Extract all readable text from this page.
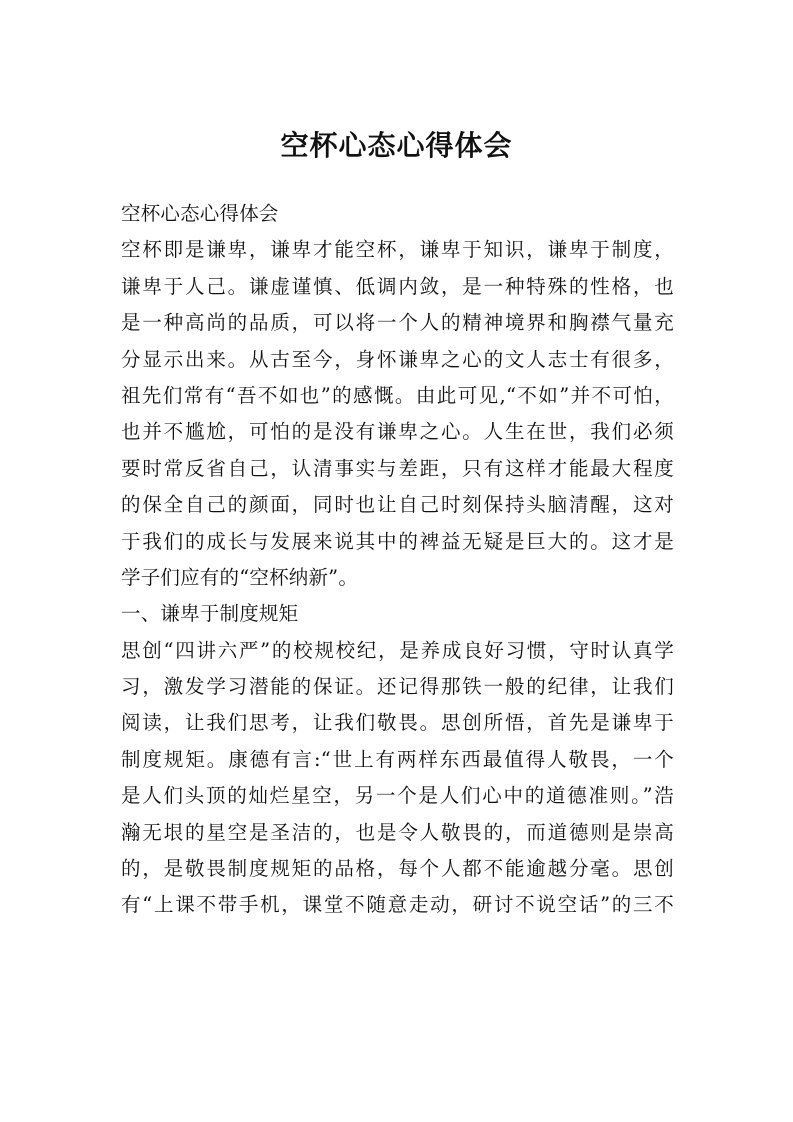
空杯心态心得体会
空杯心态心得体会
空杯即是谦卑，谦卑才能空杯，谦卑于知识，谦卑于制度，
谦卑于人己。谦虚谨慎、低调内敛，是一种特殊的性格，也
是一种高尚的品质，可以将一个人的精神境界和胸襟气量充
分显示出来。从古至今，身怀谦卑之心的文人志士有很多，
祖先们常有“吾不如也”的感慨。由此可见,“不如”并不可怕，
也并不尴尬，可怕的是没有谦卑之心。人生在世，我们必须
要时常反省自己，认清事实与差距，只有这样才能最大程度
的保全自己的颜面，同时也让自己时刻保持头脑清醒，这对
于我们的成长与发展来说其中的裨益无疑是巨大的。这才是
学子们应有的“空杯纳新”。
一、谦卑于制度规矩
思创“四讲六严”的校规校纪，是养成良好习惯，守时认真学
习，激发学习潜能的保证。还记得那铁一般的纪律，让我们
阅读，让我们思考，让我们敬畏。思创所悟，首先是谦卑于
制度规矩。康德有言:“世上有两样东西最值得人敬畏，一个
是人们头顶的灿烂星空，另一个是人们心中的道德准则。”浩
瀚无垠的星空是圣洁的，也是令人敬畏的，而道德则是崇高
的，是敬畏制度规矩的品格，每个人都不能逾越分毫。思创
有“上课不带手机，课堂不随意走动，研讨不说空话”的三不
